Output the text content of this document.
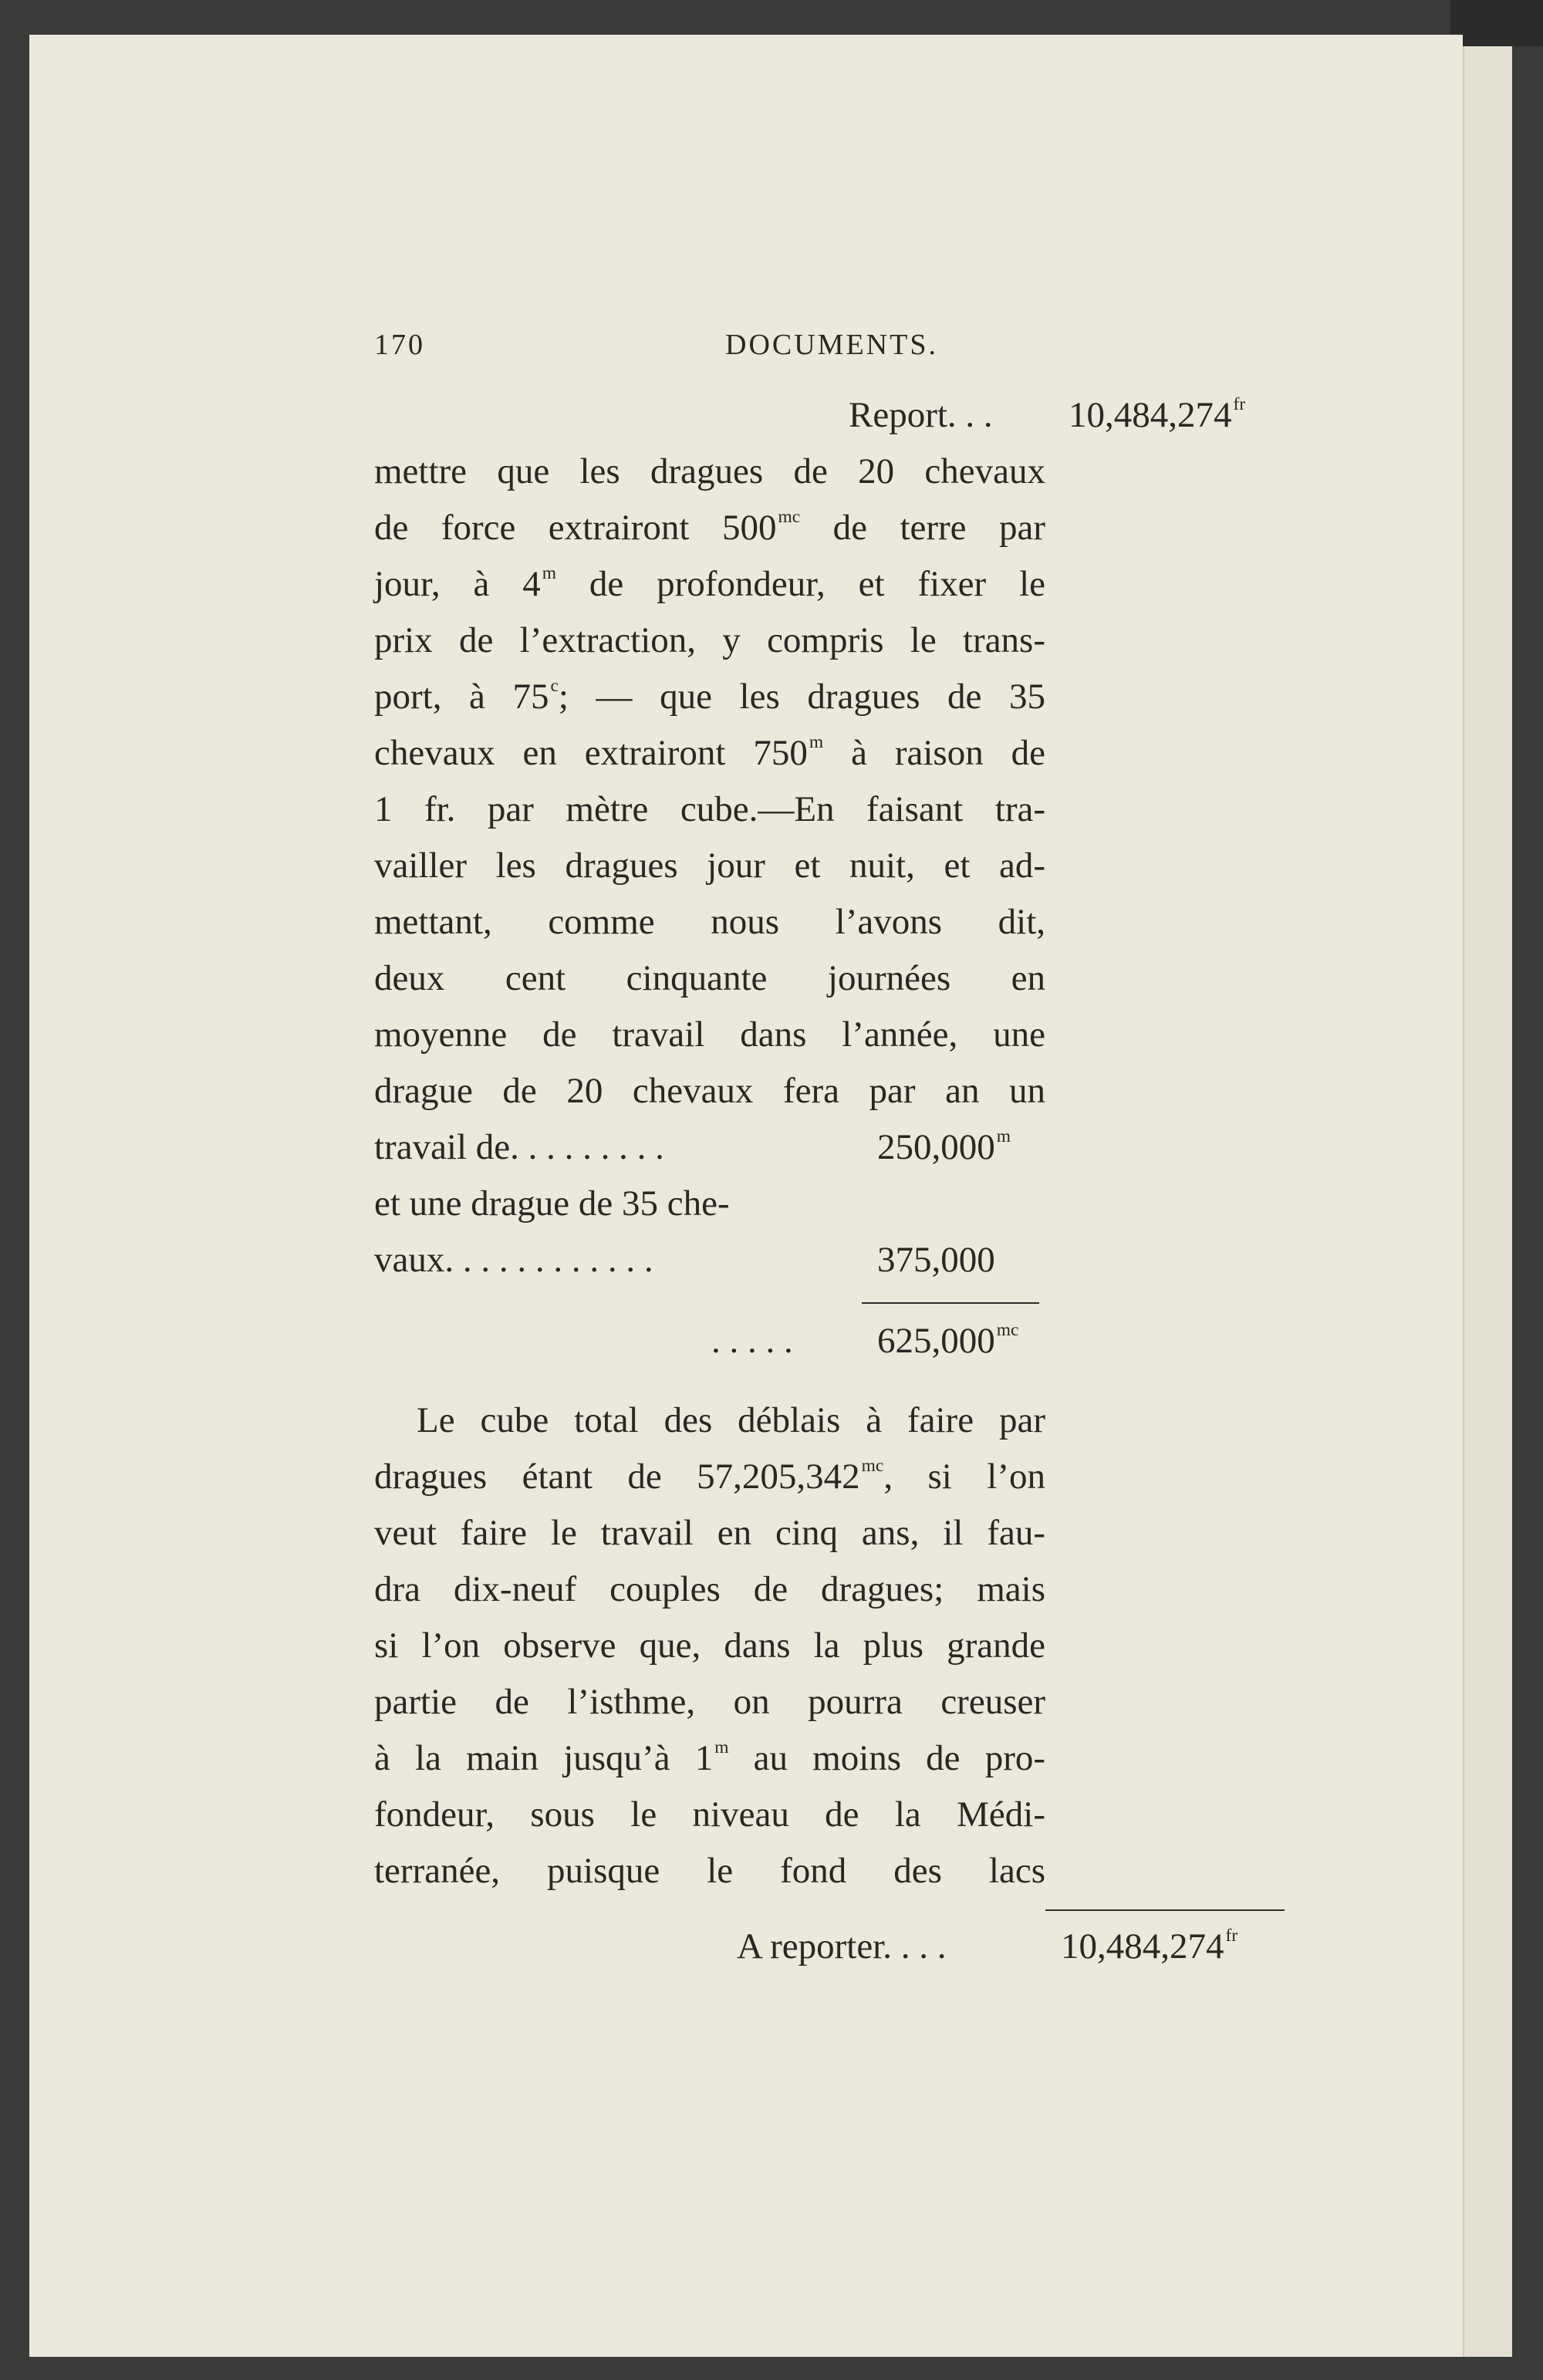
170	DOCUMENTS.
Report. . . $10,484,274^{fr}$
mettre que les dragues de 20 chevaux
de force extrairont $500^{mc}$ de terre par
jour, à 4$^m$ de profondeur, et fixer le
prix de l’extraction, y compris le trans-
port, à 75$^c$; — que les dragues de 35
chevaux en extrairont 750$^m$ à raison de
1 fr. par mètre cube.—En faisant tra-
vailler les dragues jour et nuit, et ad-
mettant, comme nous l’avons dit,
deux cent cinquante journées en
moyenne de travail dans l’année, une
drague de 20 chevaux fera par an un
travail de. . . . . . . . .	250,000$^m$
et une drague de 35 che-
vaux. . . . . . . . . . . .	375,000
. . . . . $625,000^{mc}$
Le cube total des déblais à faire par
dragues étant de $57,205,342^{mc}$, si l’on
veut faire le travail en cinq ans, il fau-
dra dix-neuf couples de dragues; mais
si l’on observe que, dans la plus grande
partie de l’isthme, on pourra creuser
à la main jusqu’à 1$^m$ au moins de pro-
fondeur, sous le niveau de la Médi-
terranée, puisque le fond des lacs
A reporter. . . .	$10,484,274^{fr}$
